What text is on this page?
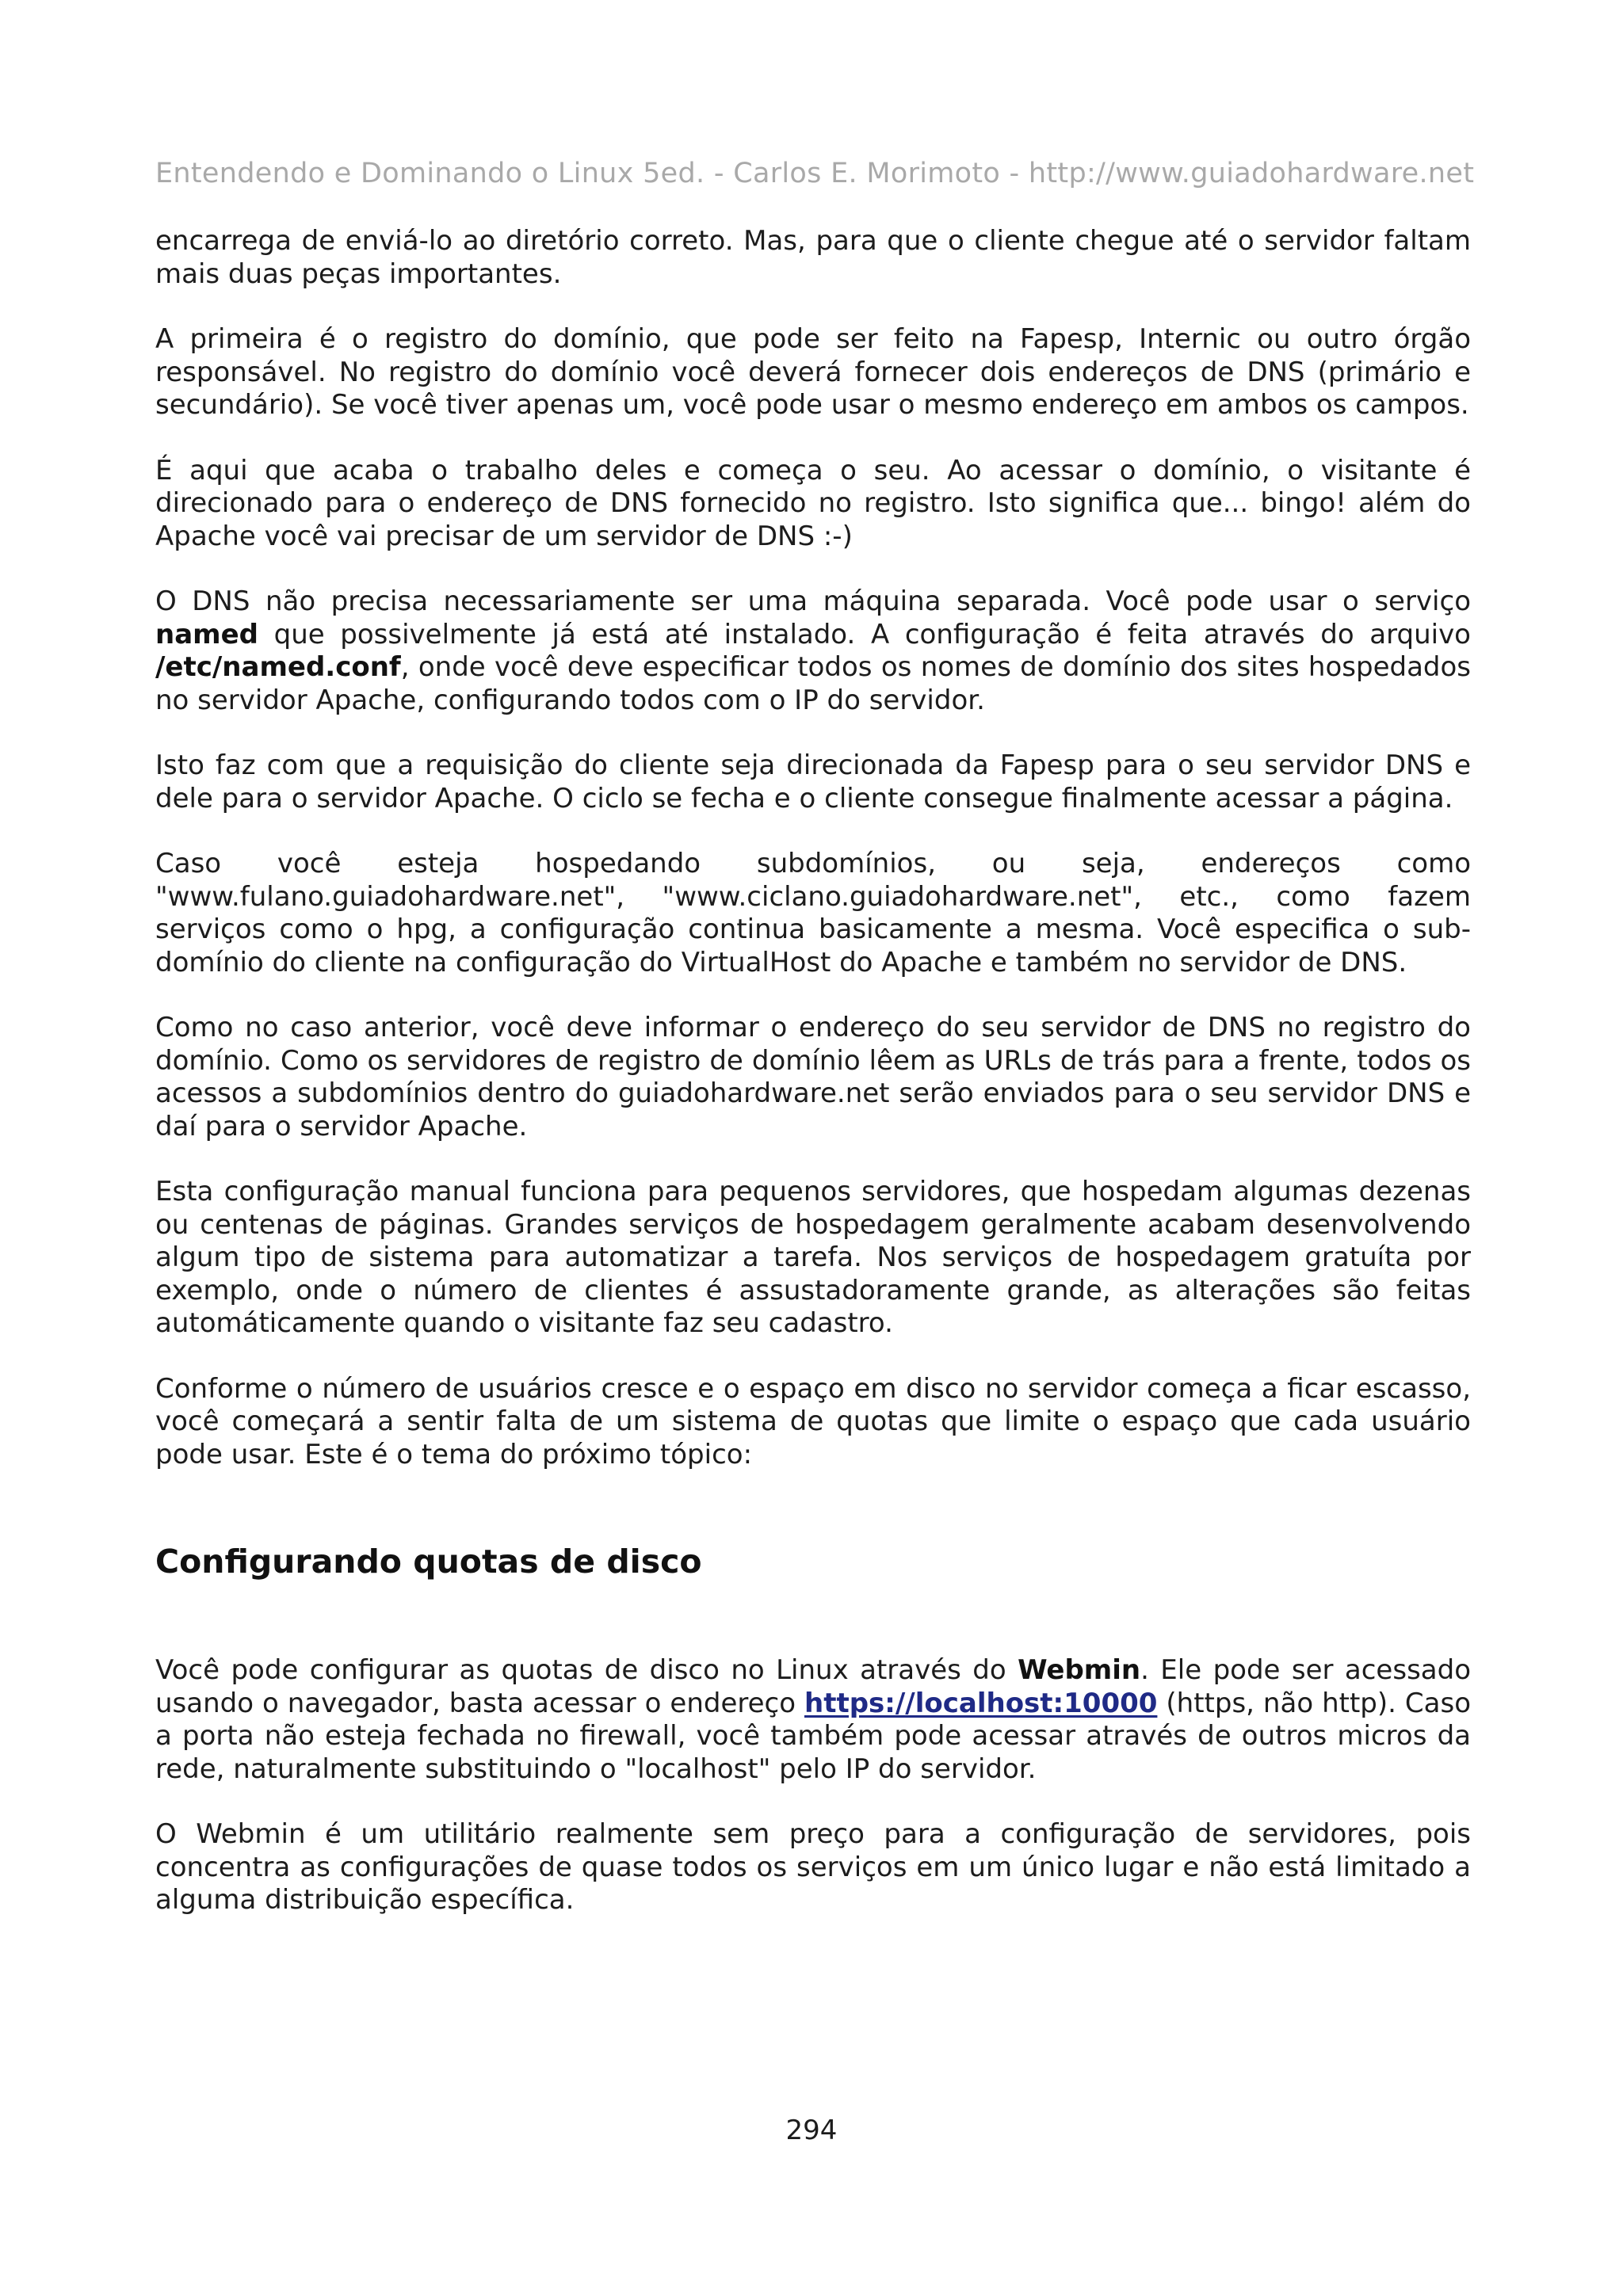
Entendendo e Dominando o Linux 5ed. - Carlos E. Morimoto - http://www.guiadohardware.net

encarrega de enviá-lo ao diretório correto. Mas, para que o cliente chegue até o servidor faltam mais duas peças importantes.

A primeira é o registro do domínio, que pode ser feito na Fapesp, Internic ou outro órgão responsável. No registro do domínio você deverá fornecer dois endereços de DNS (primário e secundário). Se você tiver apenas um, você pode usar o mesmo endereço em ambos os campos.

É aqui que acaba o trabalho deles e começa o seu. Ao acessar o domínio, o visitante é direcionado para o endereço de DNS fornecido no registro. Isto significa que... bingo! além do Apache você vai precisar de um servidor de DNS :-)

O DNS não precisa necessariamente ser uma máquina separada. Você pode usar o serviço named que possivelmente já está até instalado. A configuração é feita através do arquivo /etc/named.conf, onde você deve especificar todos os nomes de domínio dos sites hospedados no servidor Apache, configurando todos com o IP do servidor.

Isto faz com que a requisição do cliente seja direcionada da Fapesp para o seu servidor DNS e dele para o servidor Apache. O ciclo se fecha e o cliente consegue finalmente acessar a página.

Caso você esteja hospedando subdomínios, ou seja, endereços como "www.fulano.guiadohardware.net", "www.ciclano.guiadohardware.net", etc., como fazem serviços como o hpg, a configuração continua basicamente a mesma. Você especifica o sub-domínio do cliente na configuração do VirtualHost do Apache e também no servidor de DNS.

Como no caso anterior, você deve informar o endereço do seu servidor de DNS no registro do domínio. Como os servidores de registro de domínio lêem as URLs de trás para a frente, todos os acessos a subdomínios dentro do guiadohardware.net serão enviados para o seu servidor DNS e daí para o servidor Apache.

Esta configuração manual funciona para pequenos servidores, que hospedam algumas dezenas ou centenas de páginas. Grandes serviços de hospedagem geralmente acabam desenvolvendo algum tipo de sistema para automatizar a tarefa. Nos serviços de hospedagem gratuíta por exemplo, onde o número de clientes é assustadoramente grande, as alterações são feitas automáticamente quando o visitante faz seu cadastro.

Conforme o número de usuários cresce e o espaço em disco no servidor começa a ficar escasso, você começará a sentir falta de um sistema de quotas que limite o espaço que cada usuário pode usar. Este é o tema do próximo tópico:

Configurando quotas de disco

Você pode configurar as quotas de disco no Linux através do Webmin. Ele pode ser acessado usando o navegador, basta acessar o endereço https://localhost:10000 (https, não http). Caso a porta não esteja fechada no firewall, você também pode acessar através de outros micros da rede, naturalmente substituindo o "localhost" pelo IP do servidor.

O Webmin é um utilitário realmente sem preço para a configuração de servidores, pois concentra as configurações de quase todos os serviços em um único lugar e não está limitado a alguma distribuição específica.

294
